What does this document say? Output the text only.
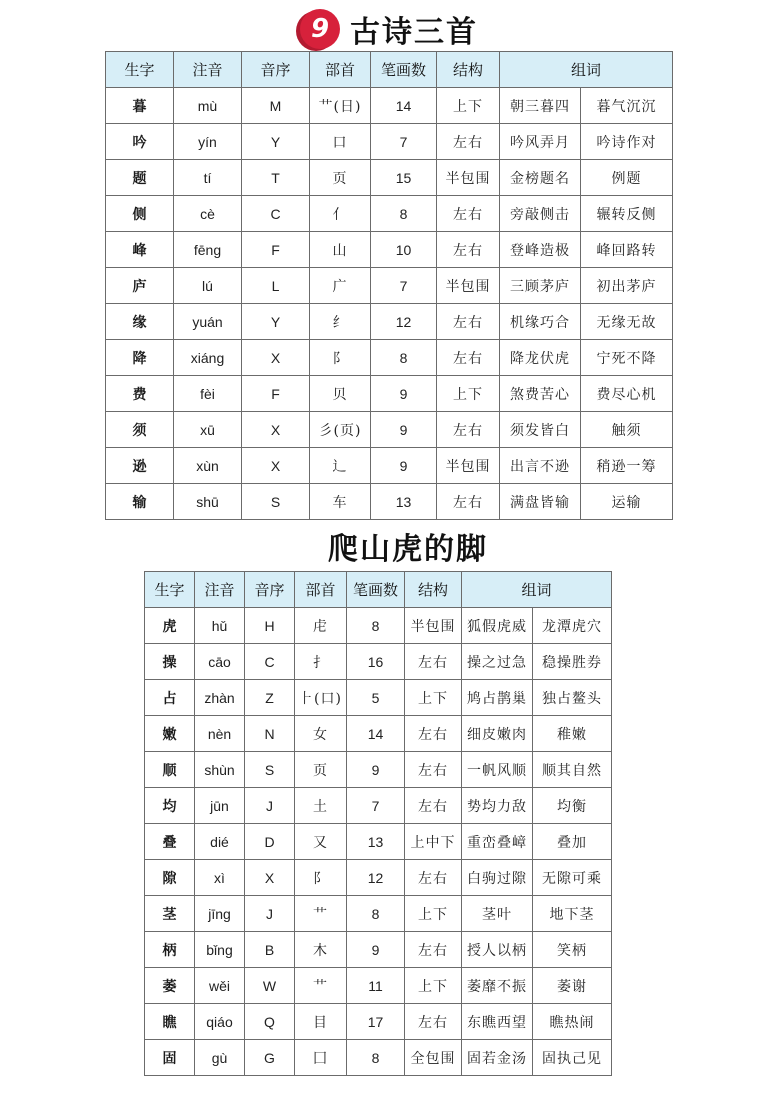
9 古诗三首
生字	注音	音序	部首	笔画数	结构	组词	
暮	mù	M	艹(日)	14	上下	朝三暮四	暮气沉沉
吟	yín	Y	口	7	左右	吟风弄月	吟诗作对
题	tí	T	页	15	半包围	金榜题名	例题
侧	cè	C	亻	8	左右	旁敲侧击	辗转反侧
峰	fēng	F	山	10	左右	登峰造极	峰回路转
庐	lú	L	广	7	半包围	三顾茅庐	初出茅庐
缘	yuán	Y	纟	12	左右	机缘巧合	无缘无故
降	xiáng	X	阝	8	左右	降龙伏虎	宁死不降
费	fèi	F	贝	9	上下	煞费苦心	费尽心机
须	xū	X	彡(页)	9	左右	须发皆白	触须
逊	xùn	X	辶	9	半包围	出言不逊	稍逊一筹
输	shū	S	车	13	左右	满盘皆输	运输
爬山虎的脚
生字	注音	音序	部首	笔画数	结构	组词	
虎	hǔ	H	虍	8	半包围	狐假虎威	龙潭虎穴
操	cāo	C	扌	16	左右	操之过急	稳操胜券
占	zhàn	Z	⺊(口)	5	上下	鸠占鹊巢	独占鳌头
嫩	nèn	N	女	14	左右	细皮嫩肉	稚嫩
顺	shùn	S	页	9	左右	一帆风顺	顺其自然
均	jūn	J	土	7	左右	势均力敌	均衡
叠	dié	D	又	13	上中下	重峦叠嶂	叠加
隙	xì	X	阝	12	左右	白驹过隙	无隙可乘
茎	jīng	J	艹	8	上下	茎叶	地下茎
柄	bǐng	B	木	9	左右	授人以柄	笑柄
萎	wěi	W	艹	11	上下	萎靡不振	萎谢
瞧	qiáo	Q	目	17	左右	东瞧西望	瞧热闹
固	gù	G	囗	8	全包围	固若金汤	固执己见
